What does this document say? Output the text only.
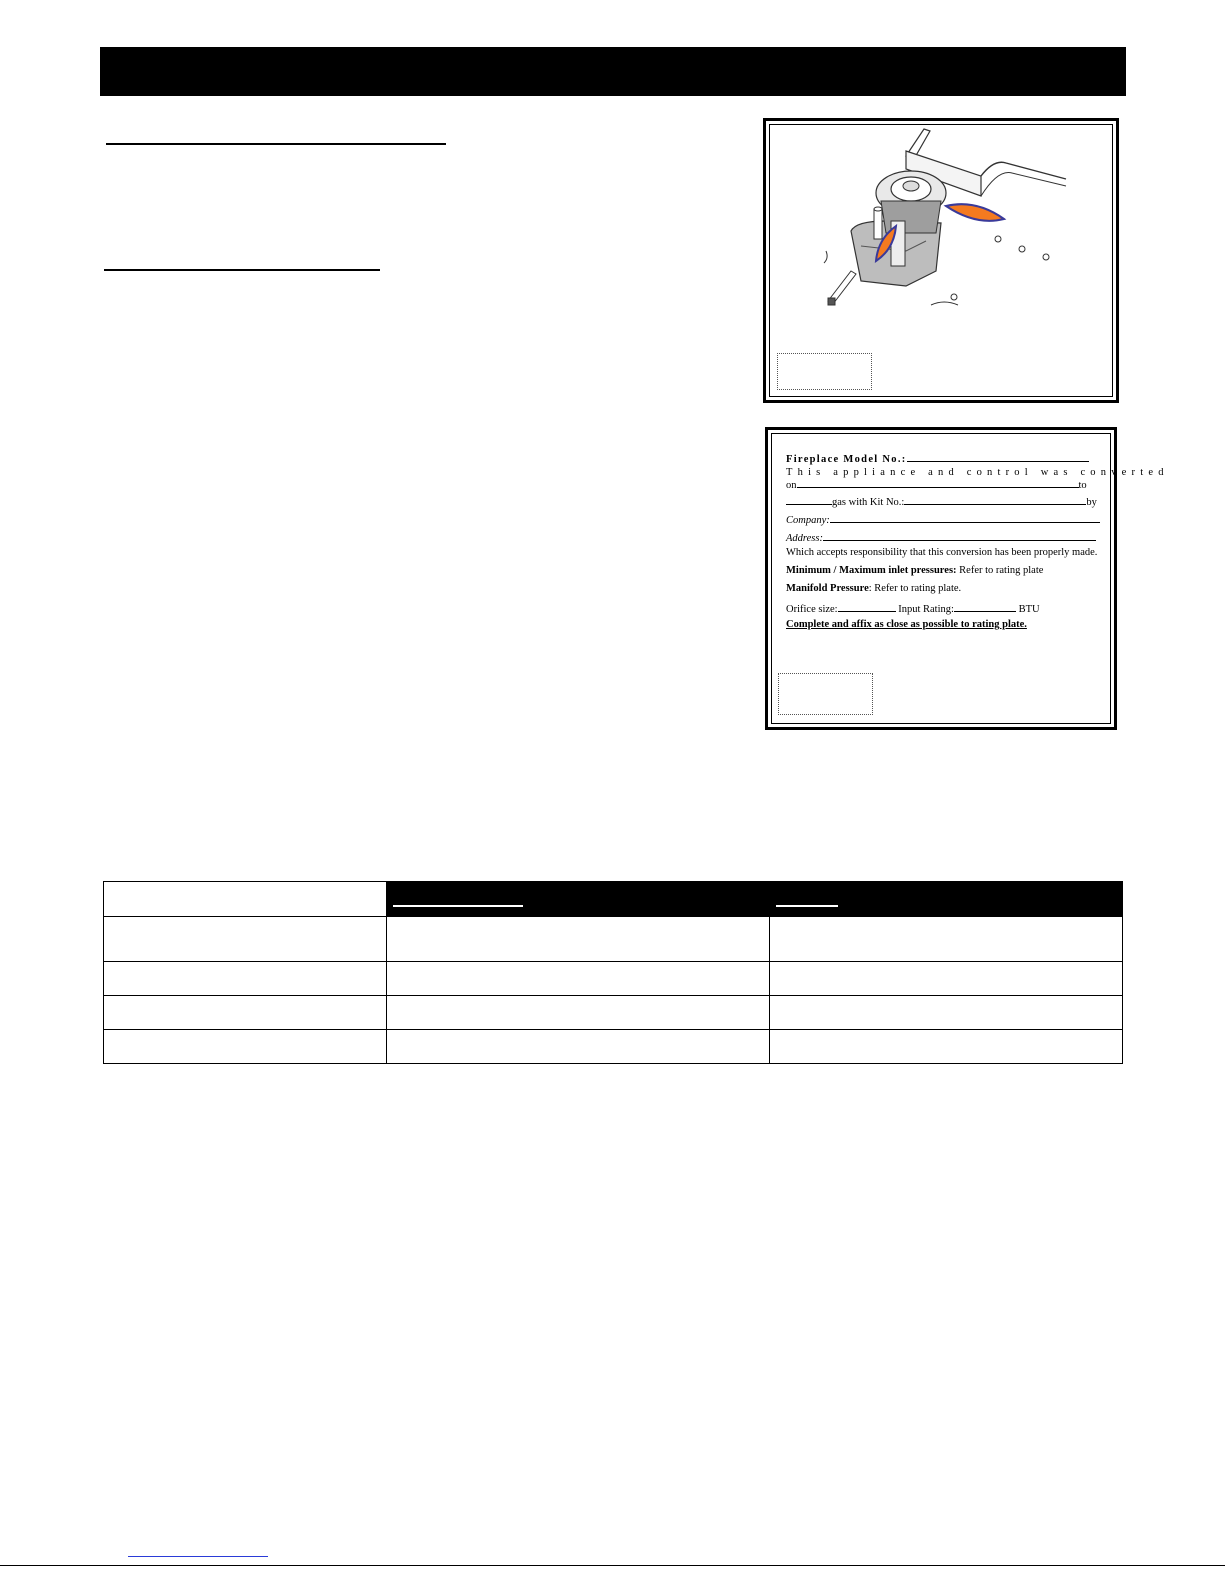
Fireplace Model No.:
This appliance and control was converted
on	to
gas with Kit No.:	by
Company:
Address:
Which accepts responsibility that this conversion has been properly made.
Minimum / Maximum inlet pressures: Refer to rating plate
Manifold Pressure: Refer to rating plate.
Orifice size:	Input Rating:	BTU
Complete and affix as close as possible to rating plate.
